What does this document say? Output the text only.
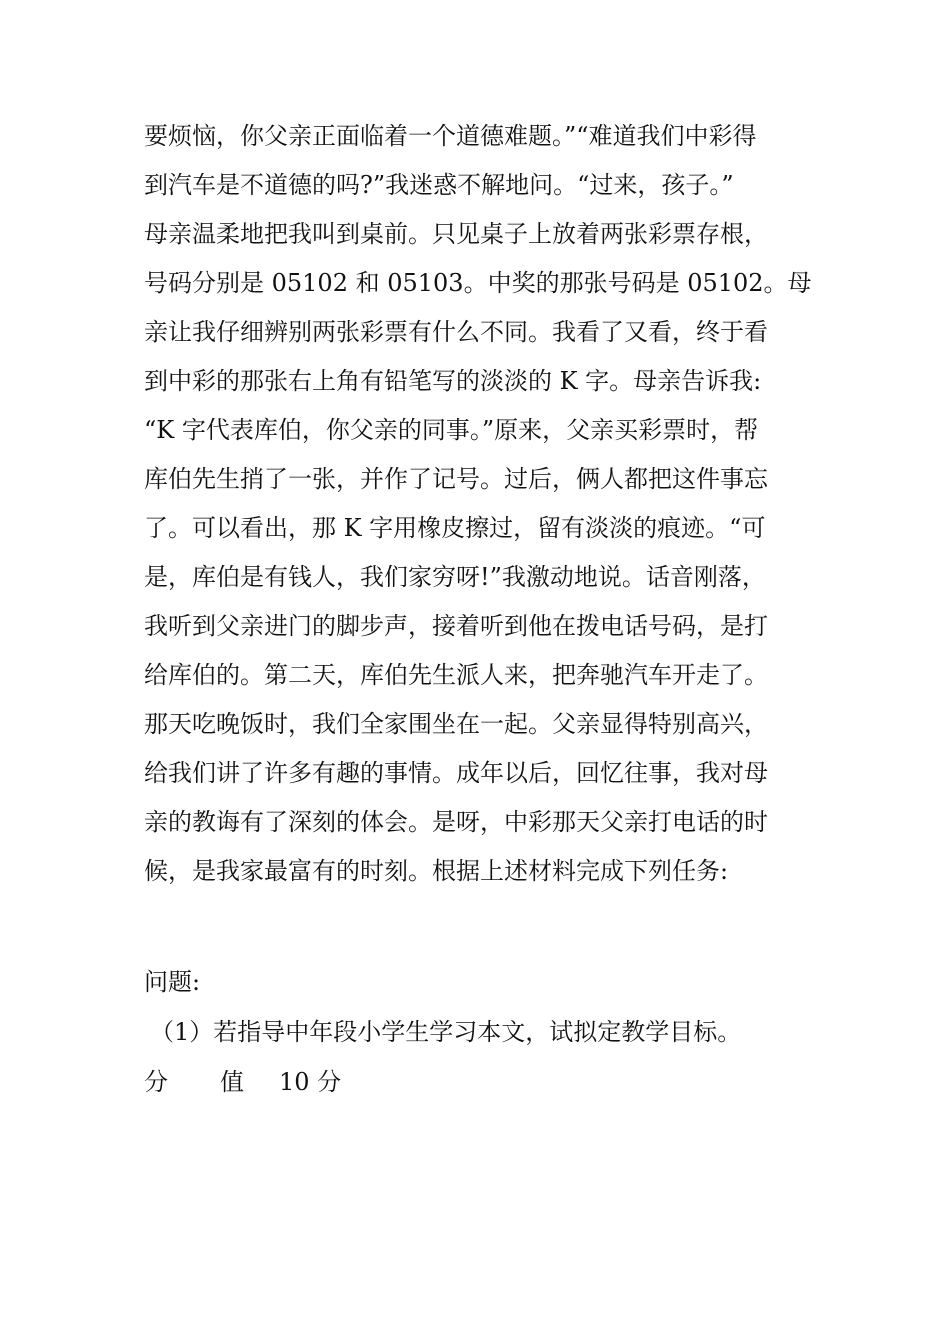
要烦恼，你父亲正面临着一个道德难题。”“难道我们中彩得
到汽车是不道德的吗?”我迷惑不解地问。“过来，孩子。”
母亲温柔地把我叫到桌前。只见桌子上放着两张彩票存根，
号码分别是 05102 和 05103。中奖的那张号码是 05102。母
亲让我仔细辨别两张彩票有什么不同。我看了又看，终于看
到中彩的那张右上角有铅笔写的淡淡的 K 字。母亲告诉我:
“K 字代表库伯，你父亲的同事。”原来，父亲买彩票时，帮
库伯先生捎了一张，并作了记号。过后，俩人都把这件事忘
了。可以看出，那 K 字用橡皮擦过，留有淡淡的痕迹。“可
是，库伯是有钱人，我们家穷呀!”我激动地说。话音刚落，
我听到父亲进门的脚步声，接着听到他在拨电话号码，是打
给库伯的。第二天，库伯先生派人来，把奔驰汽车开走了。
那天吃晚饭时，我们全家围坐在一起。父亲显得特别高兴，
给我们讲了许多有趣的事情。成年以后，回忆往事，我对母
亲的教诲有了深刻的体会。是呀，中彩那天父亲打电话的时
候，是我家最富有的时刻。根据上述材料完成下列任务:
问题:
（1）若指导中年段小学生学习本文，试拟定教学目标。
分 值 10 分
